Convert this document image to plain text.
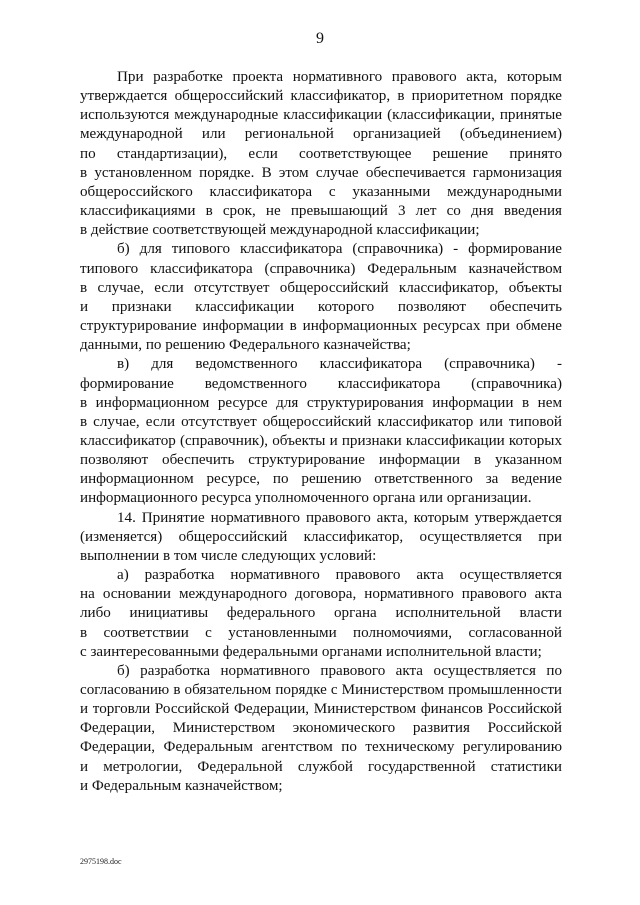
9

При разработке проекта нормативного правового акта, которым

утверждается общероссийский классификатор, в приоритетном порядке

используются международные классификации (классификации, принятые

международной или региональной организацией (объединением)

по стандартизации), если соответствующее решение принято

в установленном порядке. В этом случае обеспечивается гармонизация

общероссийского классификатора с указанными международными

классификациями в срок, не превышающий 3 лет со дня введения

в действие соответствующей международной классификации;

б) для типового классификатора (справочника) - формирование

типового классификатора (справочника) Федеральным казначейством

в случае, если отсутствует общероссийский классификатор, объекты

и признаки классификации которого позволяют обеспечить

структурирование информации в информационных ресурсах при обмене

данными, по решению Федерального казначейства;

в) для ведомственного классификатора (справочника) -

формирование ведомственного классификатора (справочника)

в информационном ресурсе для структурирования информации в нем

в случае, если отсутствует общероссийский классификатор или типовой

классификатор (справочник), объекты и признаки классификации которых

позволяют обеспечить структурирование информации в указанном

информационном ресурсе, по решению ответственного за ведение

информационного ресурса уполномоченного органа или организации.

14. Принятие нормативного правового акта, которым утверждается

(изменяется) общероссийский классификатор, осуществляется при

выполнении в том числе следующих условий:

а) разработка нормативного правового акта осуществляется

на основании международного договора, нормативного правового акта

либо инициативы федерального органа исполнительной власти

в соответствии с установленными полномочиями, согласованной

с заинтересованными федеральными органами исполнительной власти;

б) разработка нормативного правового акта осуществляется по

согласованию в обязательном порядке с Министерством промышленности

и торговли Российской Федерации, Министерством финансов Российской

Федерации, Министерством экономического развития Российской

Федерации, Федеральным агентством по техническому регулированию

и метрологии, Федеральной службой государственной статистики

и Федеральным казначейством;

2975198.doc
